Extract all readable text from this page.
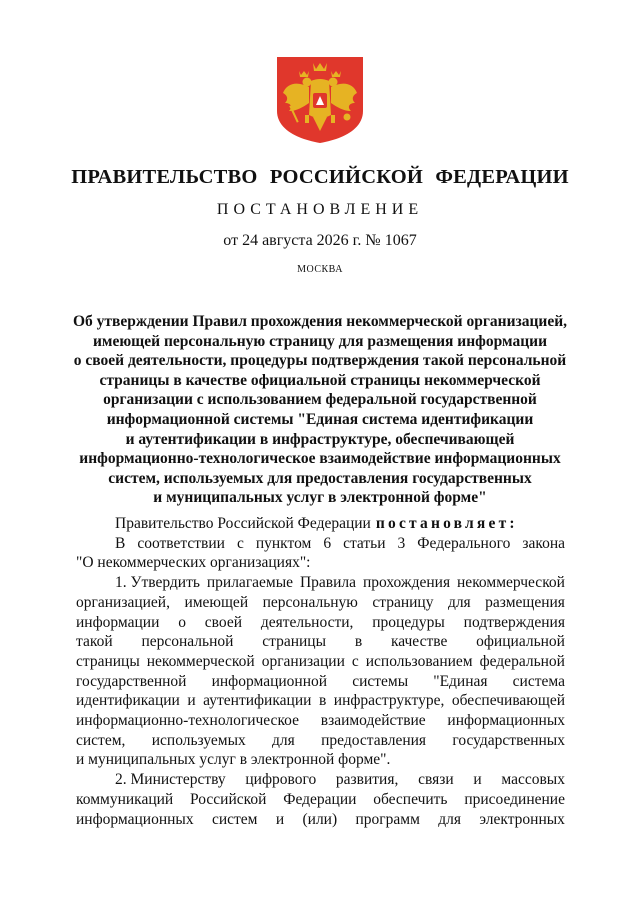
ПРАВИТЕЛЬСТВО РОССИЙСКОЙ ФЕДЕРАЦИИ
ПОСТАНОВЛЕНИЕ
от 24 августа 2026 г. № 1067
МОСКВА
Об утверждении Правил прохождения некоммерческой организацией,
имеющей персональную страницу для размещения информации
о своей деятельности, процедуры подтверждения такой персональной
страницы в качестве официальной страницы некоммерческой
организации с использованием федеральной государственной
информационной системы "Единая система идентификации
и аутентификации в инфраструктуре, обеспечивающей
информационно-технологическое взаимодействие информационных
систем, используемых для предоставления государственных
и муниципальных услуг в электронной форме"
Правительство Российской Федерации постановляет:
В соответствии с пунктом 6 статьи 3 Федерального закона
"О некоммерческих организациях":
1. Утвердить прилагаемые Правила прохождения некоммерческой
организацией, имеющей персональную страницу для размещения
информации о своей деятельности, процедуры подтверждения
такой персональной страницы в качестве официальной
страницы некоммерческой организации с использованием федеральной
государственной информационной системы "Единая система
идентификации и аутентификации в инфраструктуре, обеспечивающей
информационно-технологическое взаимодействие информационных
систем, используемых для предоставления государственных
и муниципальных услуг в электронной форме".
2. Министерству цифрового развития, связи и массовых
коммуникаций Российской Федерации обеспечить присоединение
информационных систем и (или) программ для электронных
